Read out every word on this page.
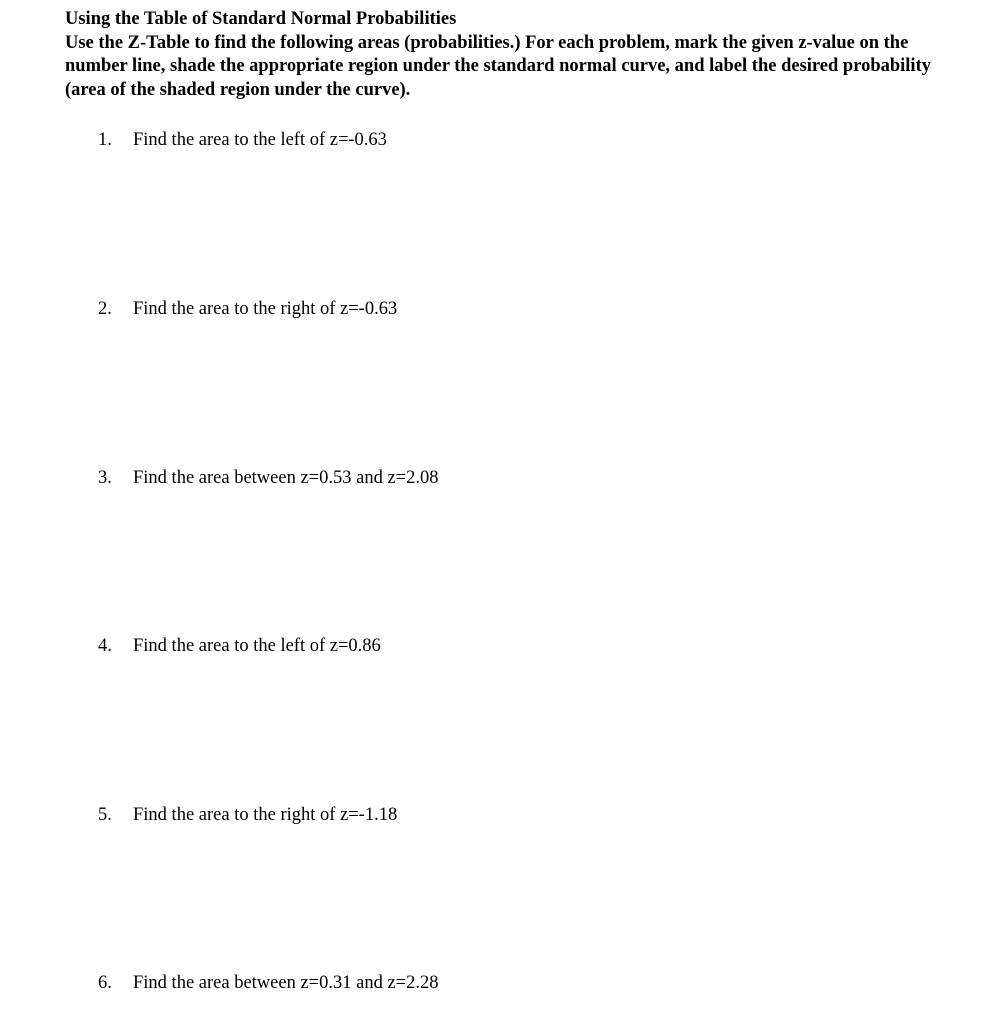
Using the Table of Standard Normal Probabilities
Use the Z-Table to find the following areas (probabilities.) For each problem, mark the given z-value on the number line, shade the appropriate region under the standard normal curve, and label the desired probability (area of the shaded region under the curve).
1. Find the area to the left of z=-0.63
2. Find the area to the right of z=-0.63
3. Find the area between z=0.53 and z=2.08
4. Find the area to the left of z=0.86
5. Find the area to the right of z=-1.18
6. Find the area between z=0.31 and z=2.28
